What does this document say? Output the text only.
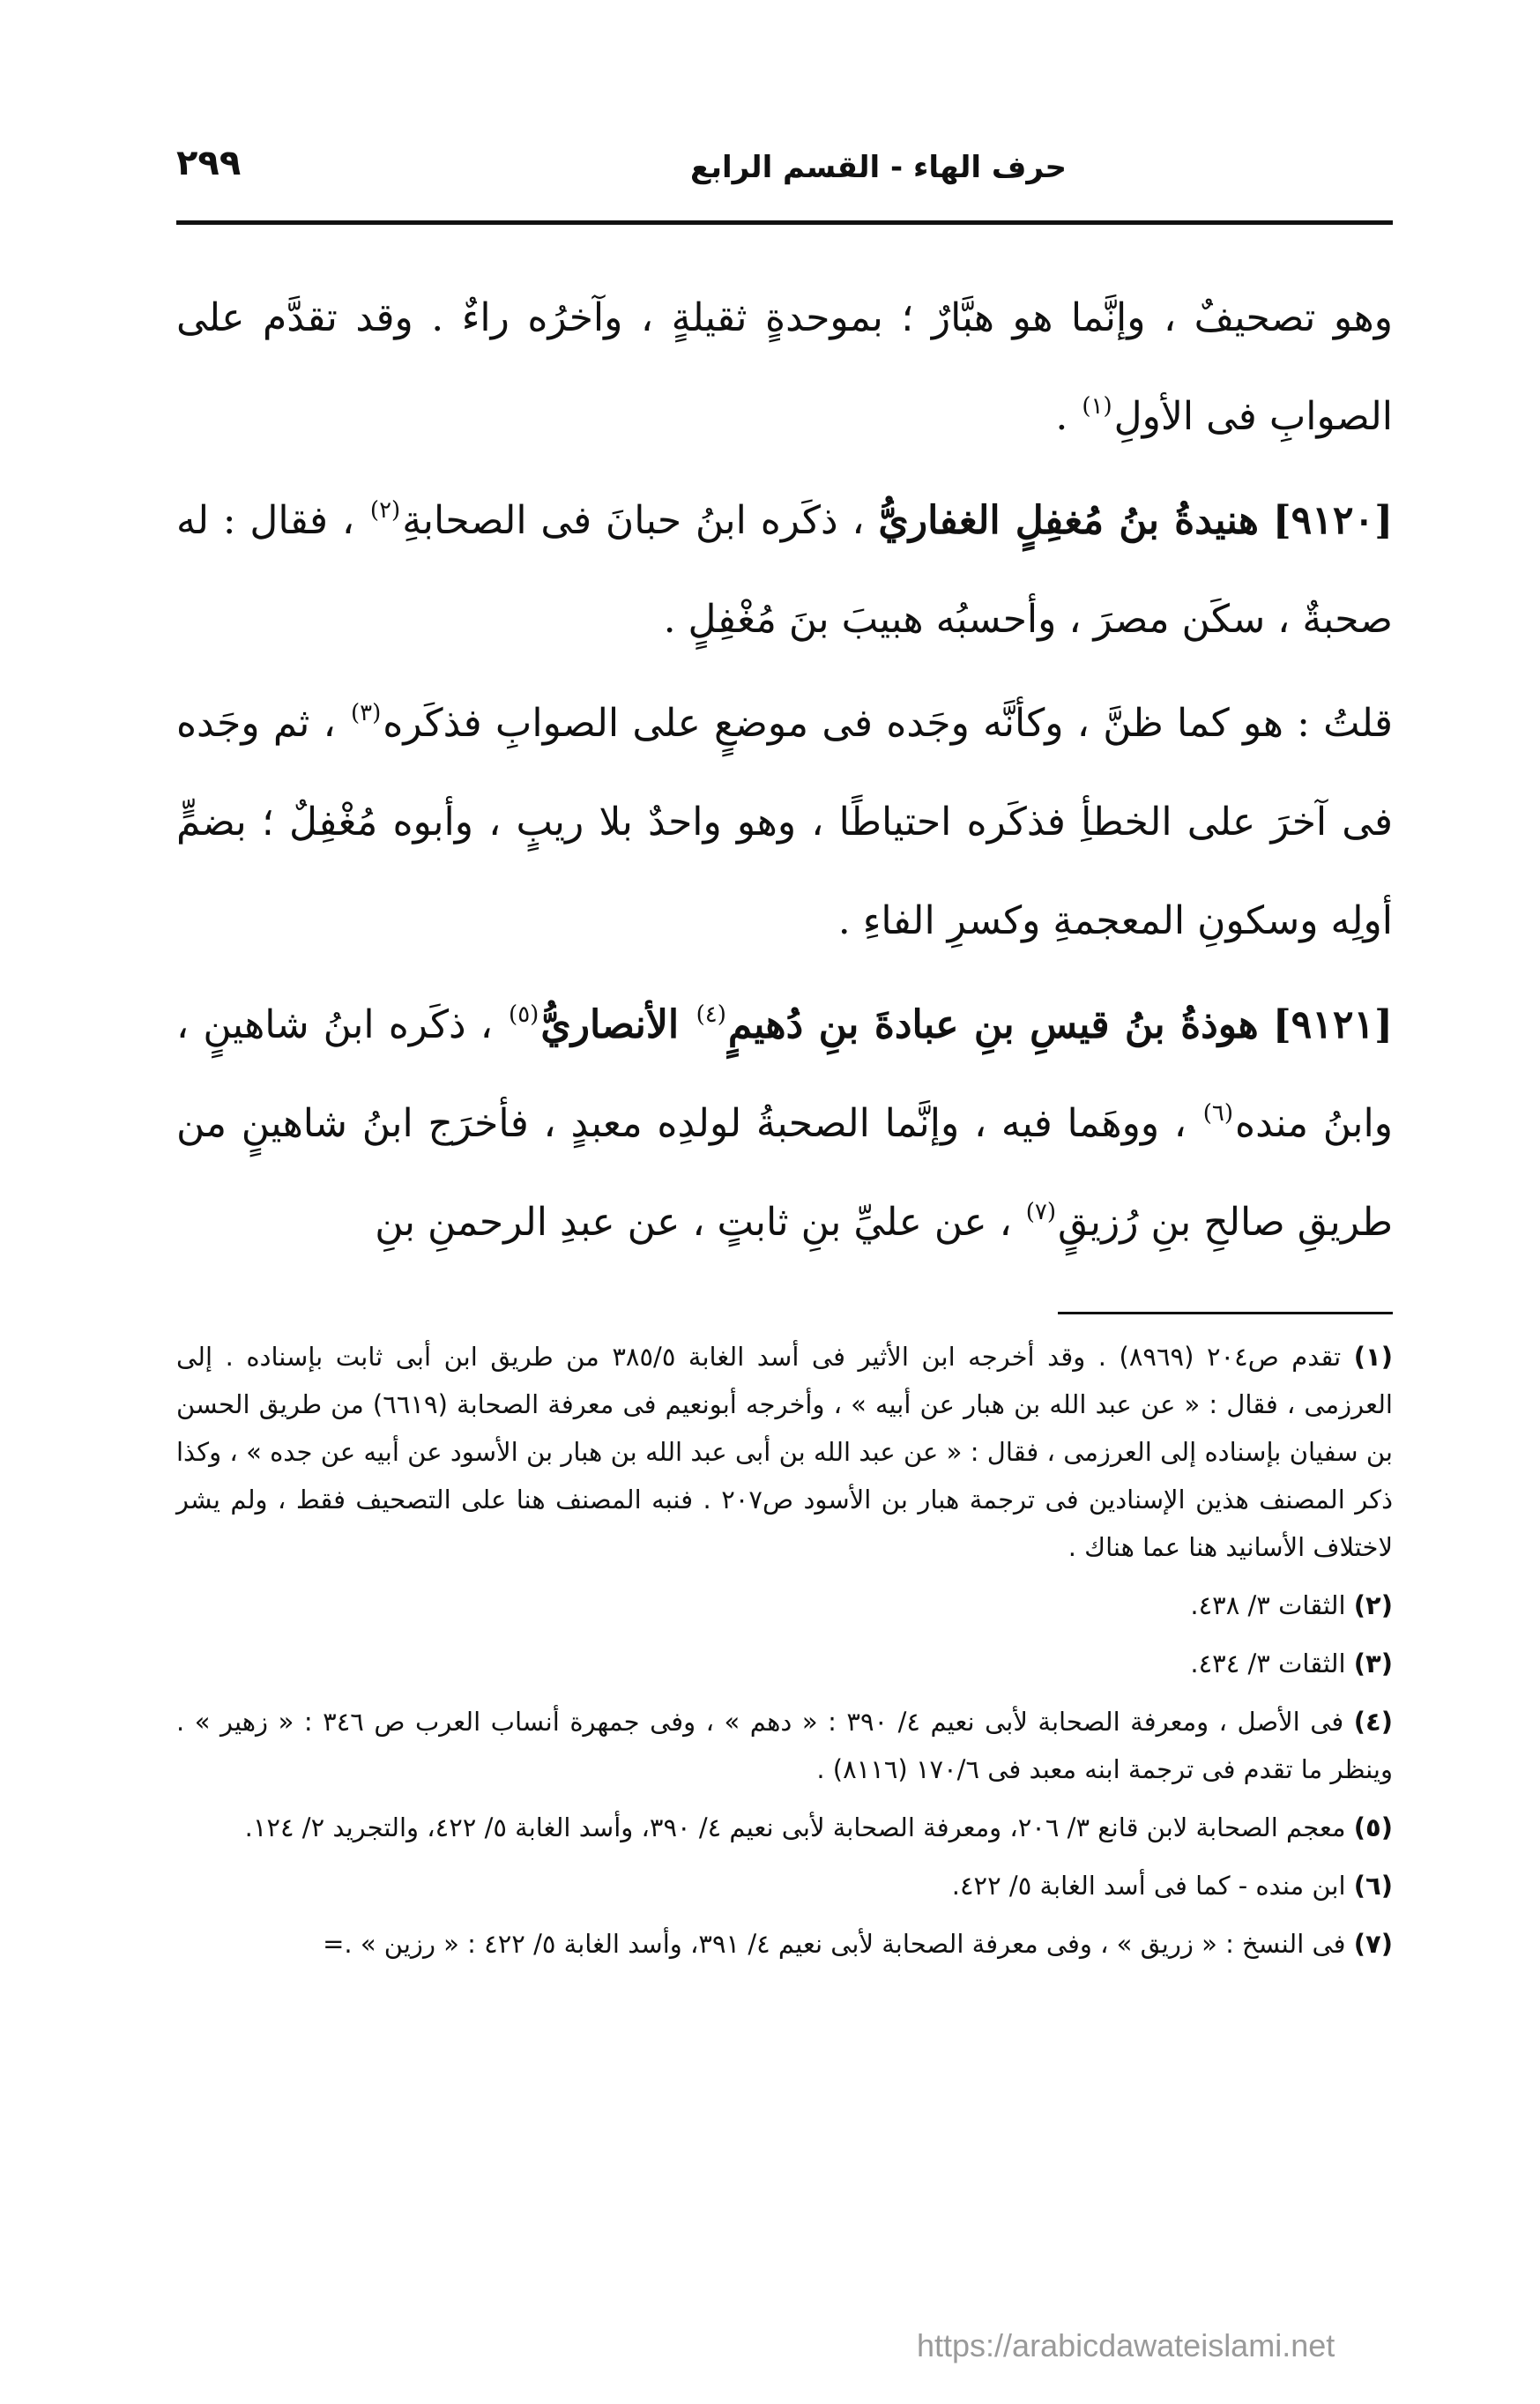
حرف الهاء - القسم الرابع
٢٩٩

وهو تصحيفٌ ، وإنَّما هو هبَّارٌ ؛ بموحدةٍ ثقيلةٍ ، وآخرُه راءٌ . وقد تقدَّم على الصوابِ فى الأولِ$^{(١)}$ .

[٩١٢٠] هنيدةُ بنُ مُغفِلٍ الغفاريُّ ، ذكَره ابنُ حبانَ فى الصحابةِ$^{(٢)}$ ، فقال : له صحبةٌ ، سكَن مصرَ ، وأحسبُه هبيبَ بنَ مُغْفِلٍ .

قلتُ : هو كما ظنَّ ، وكأنَّه وجَده فى موضعٍ على الصوابِ فذكَره$^{(٣)}$ ، ثم وجَده فى آخرَ على الخطأِ فذكَره احتياطًا ، وهو واحدٌ بلا ريبٍ ، وأبوه مُغْفِلٌ ؛ بضمٍّ أولِه وسكونِ المعجمةِ وكسرِ الفاءِ .

[٩١٢١] هوذةُ بنُ قيسِ بنِ عبادةَ بنِ دُهيمٍ$^{(٤)}$ الأنصاريُّ$^{(٥)}$ ، ذكَره ابنُ شاهينٍ ، وابنُ منده$^{(٦)}$ ، ووهَما فيه ، وإنَّما الصحبةُ لولدِه معبدٍ ، فأخرَج ابنُ شاهينٍ من طريقِ صالحِ بنِ رُزيقٍ$^{(٧)}$ ، عن عليِّ بنِ ثابتٍ ، عن عبدِ الرحمنِ بنِ

(١) تقدم ص٢٠٤ (٨٩٦٩) . وقد أخرجه ابن الأثير فى أسد الغابة ٣٨٥/٥ من طريق ابن أبى ثابت بإسناده . إلى العرزمى ، فقال : « عن عبد الله بن هبار عن أبيه » ، وأخرجه أبونعيم فى معرفة الصحابة (٦٦١٩) من طريق الحسن بن سفيان بإسناده إلى العرزمى ، فقال : « عن عبد الله بن أبى عبد الله بن هبار بن الأسود عن أبيه عن جده » ، وكذا ذكر المصنف هذين الإسنادين فى ترجمة هبار بن الأسود ص٢٠٧ . فنبه المصنف هنا على التصحيف فقط ، ولم يشر لاختلاف الأسانيد هنا عما هناك .

(٢) الثقات ٣/ ٤٣٨.

(٣) الثقات ٣/ ٤٣٤.

(٤) فى الأصل ، ومعرفة الصحابة لأبى نعيم ٤/ ٣٩٠ : « دهم » ، وفى جمهرة أنساب العرب ص ٣٤٦ : « زهير » . وينظر ما تقدم فى ترجمة ابنه معبد فى ١٧٠/٦ (٨١١٦) .

(٥) معجم الصحابة لابن قانع ٣/ ٢٠٦، ومعرفة الصحابة لأبى نعيم ٤/ ٣٩٠، وأسد الغابة ٥/ ٤٢٢، والتجريد ٢/ ١٢٤.

(٦) ابن منده - كما فى أسد الغابة ٥/ ٤٢٢.

(٧) فى النسخ : « زريق » ، وفى معرفة الصحابة لأبى نعيم ٤/ ٣٩١، وأسد الغابة ٥/ ٤٢٢ : « رزين » .=

https://arabicdawateislami.net
